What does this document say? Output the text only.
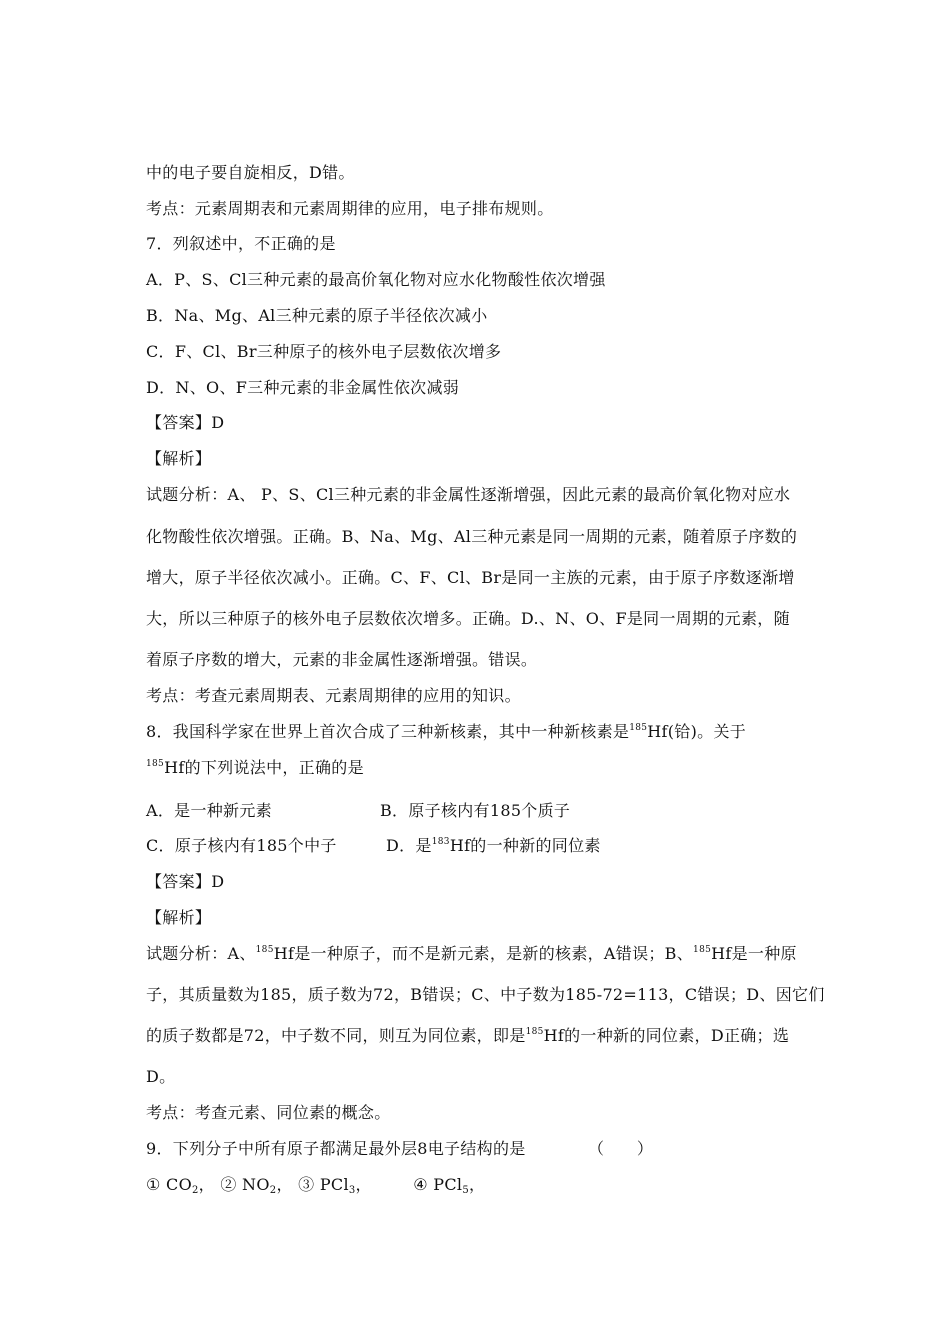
中的电子要自旋相反，D错。
考点：元素周期表和元素周期律的应用，电子排布规则。
7．列叙述中，不正确的是
A．P、S、Cl三种元素的最高价氧化物对应水化物酸性依次增强
B．Na、Mg、Al三种元素的原子半径依次减小
C．F、Cl、Br三种原子的核外电子层数依次增多
D．N、O、F三种元素的非金属性依次减弱
【答案】D
【解析】
试题分析：A、 P、S、Cl三种元素的非金属性逐渐增强，因此元素的最高价氧化物对应水
化物酸性依次增强。正确。B、Na、Mg、Al三种元素是同一周期的元素，随着原子序数的
增大，原子半径依次减小。正确。C、F、Cl、Br是同一主族的元素，由于原子序数逐渐增
大，所以三种原子的核外电子层数依次增多。正确。D.、N、O、F是同一周期的元素，随
着原子序数的增大，元素的非金属性逐渐增强。错误。
考点：考查元素周期表、元素周期律的应用的知识。
8．我国科学家在世界上首次合成了三种新核素，其中一种新核素是$^{185}$Hf(铪)。关于
$^{185}$Hf的下列说法中，正确的是
A．是一种新元素	B．原子核内有185个质子
C．原子核内有185个中子	D．是$^{183}$Hf的一种新的同位素
【答案】D
【解析】
试题分析：A、$^{185}$Hf是一种原子，而不是新元素，是新的核素，A错误；B、$^{185}$Hf是一种原
子，其质量数为185，质子数为72，B错误；C、中子数为185-72=113，C错误；D、因它们
的质子数都是72，中子数不同，则互为同位素，即是$^{185}$Hf的一种新的同位素，D正确；选
D。
考点：考查元素、同位素的概念。
9．下列分子中所有原子都满足最外层8电子结构的是	（　　）
① $CO_2$， ② $NO_2$， ③ PCl$_3$，	④ PCl$_5$，
